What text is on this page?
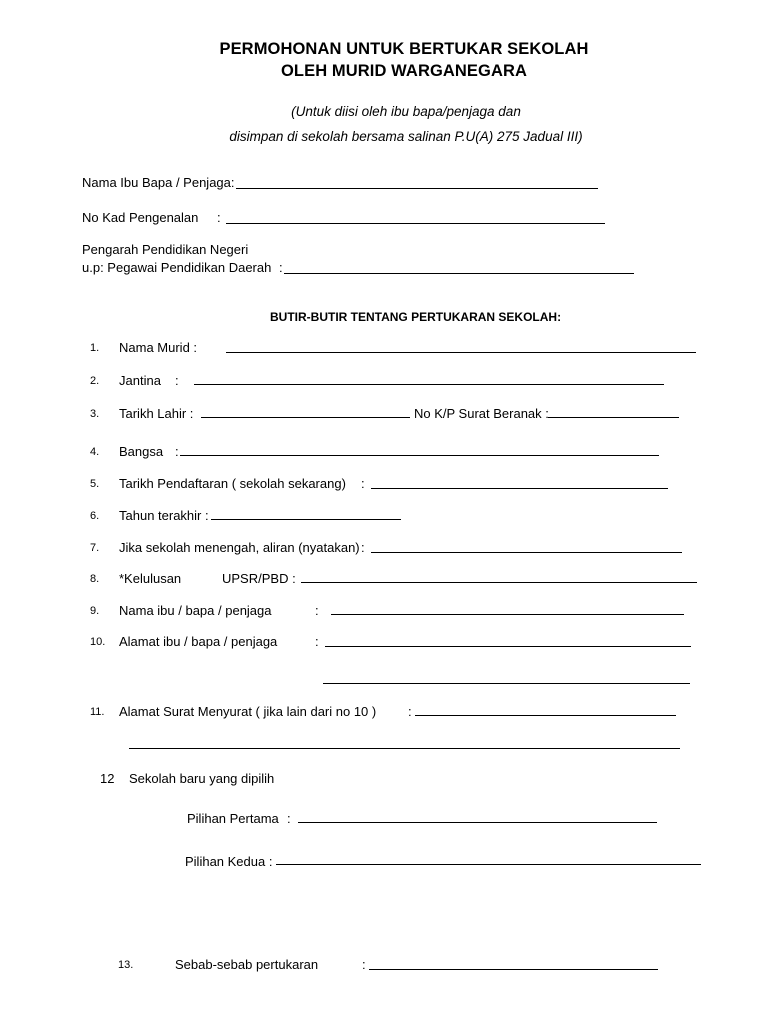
PERMOHONAN UNTUK BERTUKAR SEKOLAH
OLEH MURID WARGANEGARA
(Untuk diisi oleh ibu bapa/penjaga dan
disimpan di sekolah bersama salinan P.U(A) 275 Jadual III)
Nama Ibu Bapa / Penjaga:
No Kad Pengenalan :
Pengarah Pendidikan Negeri
u.p: Pegawai Pendidikan Daerah :
BUTIR-BUTIR TENTANG PERTUKARAN SEKOLAH:
1. Nama Murid :
2. Jantina :
3. Tarikh Lahir :	No K/P Surat Beranak :
4. Bangsa :
5. Tarikh Pendaftaran ( sekolah sekarang) :
6. Tahun terakhir :
7. Jika sekolah menengah, aliran (nyatakan) :
8. *Kelulusan	UPSR/PBD :
9. Nama ibu / bapa / penjaga	:
10. Alamat ibu / bapa / penjaga	:
11. Alamat Surat Menyurat ( jika lain dari no 10 ) :
12 Sekolah baru yang dipilih
Pilihan Pertama :
Pilihan Kedua :
13.	Sebab-sebab pertukaran	:
